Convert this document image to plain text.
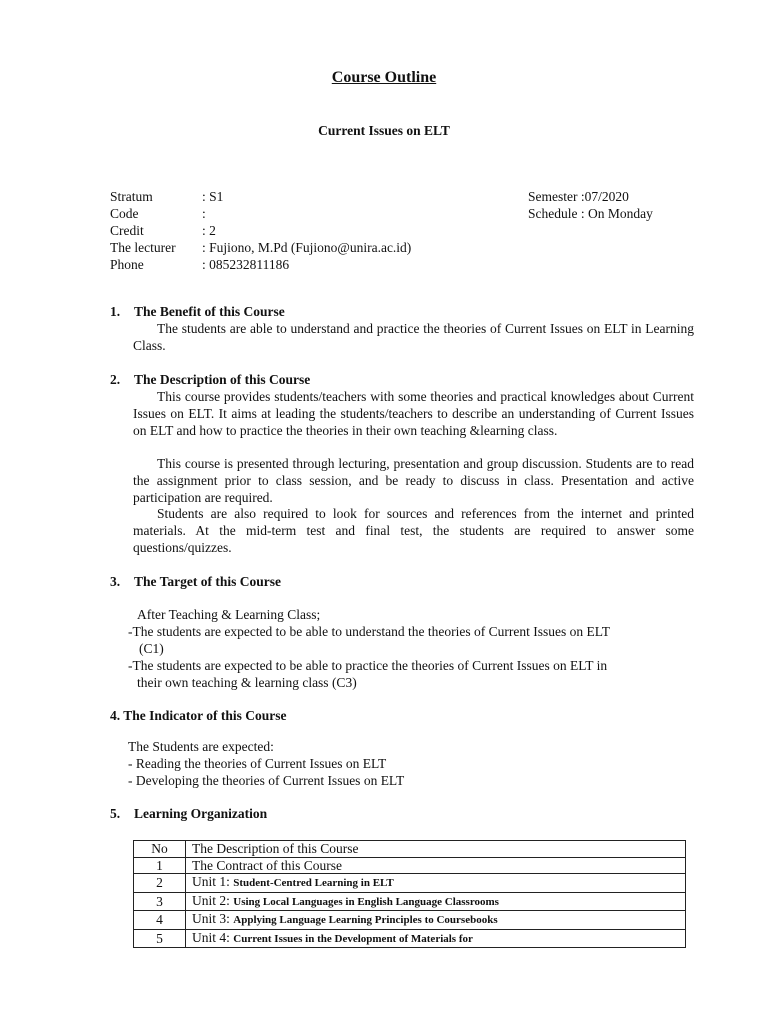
Course Outline
Current Issues on ELT
Stratum	: S1	Semester :07/2020
Code	:	Schedule : On Monday
Credit	: 2
The lecturer : Fujiono, M.Pd (Fujiono@unira.ac.id)
Phone	: 085232811186
1. The Benefit of this Course
The students are able to understand and practice the theories of Current Issues on ELT in Learning Class.
2. The Description of this Course
This course provides students/teachers with some theories and practical knowledges about Current Issues on ELT. It aims at leading the students/teachers to describe an understanding of Current Issues on ELT and how to practice the theories in their own teaching &learning class.
This course is presented through lecturing, presentation and group discussion. Students are to read the assignment prior to class session, and be ready to discuss in class. Presentation and active participation are required.
Students are also required to look for sources and references from the internet and printed materials. At the mid-term test and final test, the students are required to answer some questions/quizzes.
3. The Target of this Course
After Teaching & Learning Class;
-The students are expected to be able to understand the theories of Current Issues on ELT
(C1)
-The students are expected to be able to practice the theories of Current Issues on ELT in
their own teaching & learning class (C3)
4. The Indicator of this Course
The Students are expected:
- Reading the theories of Current Issues on ELT
- Developing the theories of Current Issues on ELT
5. Learning Organization
No	The Description of this Course
1	The Contract of this Course
2	Unit 1: Student-Centred Learning in ELT
3	Unit 2: Using Local Languages in English Language Classrooms
4	Unit 3: Applying Language Learning Principles to Coursebooks
5	Unit 4: Current Issues in the Development of Materials for
